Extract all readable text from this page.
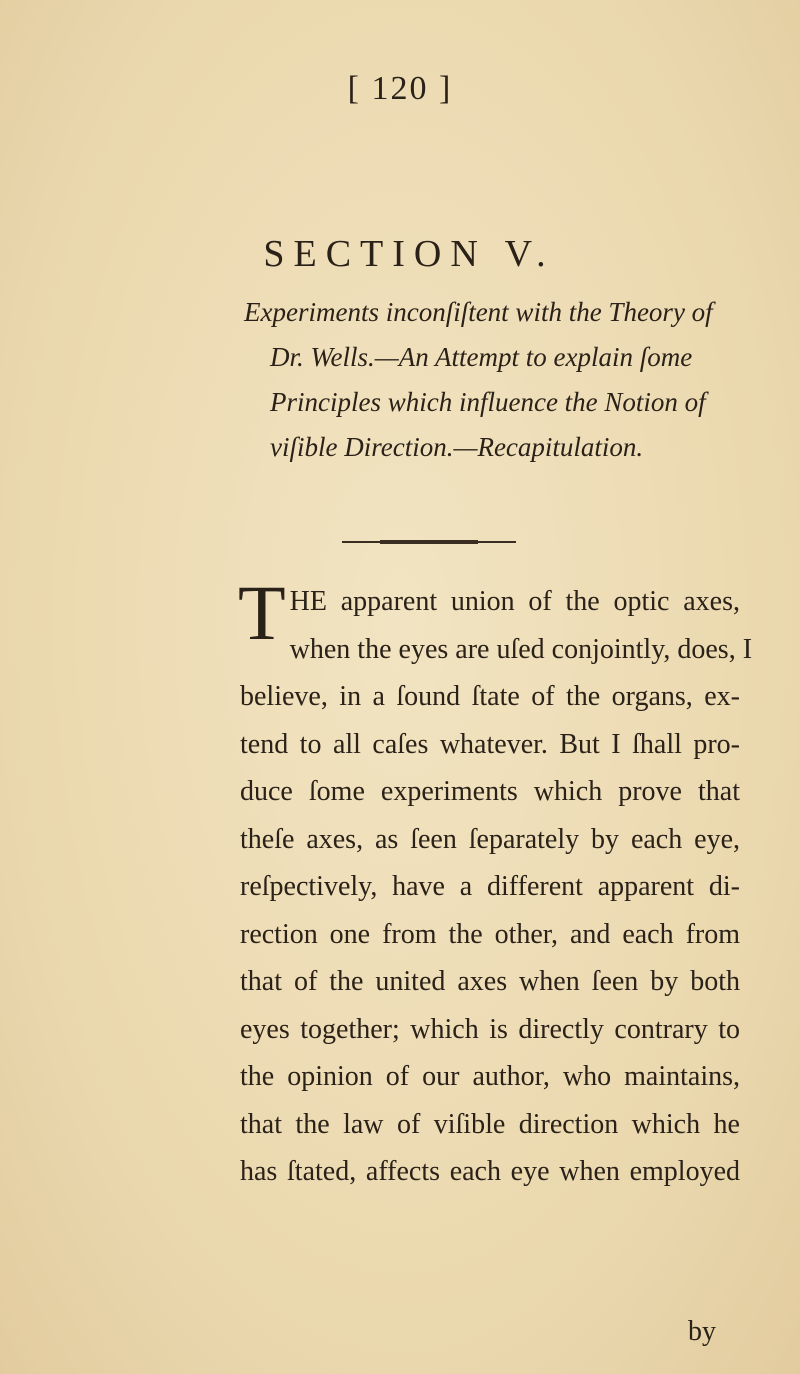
[ 120 ]
SECTION V.
Experiments inconſiſtent with the Theory of
Dr. Wells.—An Attempt to explain ſome
Principles which influence the Notion of
viſible Direction.—Recapitulation.
T HE apparent union of the optic axes,
when the eyes are uſed conjointly, does, I
believe, in a ſound ſtate of the organs, ex-
tend to all caſes whatever. But I ſhall pro-
duce ſome experiments which prove that
theſe axes, as ſeen ſeparately by each eye,
reſpectively, have a different apparent di-
rection one from the other, and each from
that of the united axes when ſeen by both
eyes together; which is directly contrary to
the opinion of our author, who maintains,
that the law of viſible direction which he
has ſtated, affects each eye when employed
by
